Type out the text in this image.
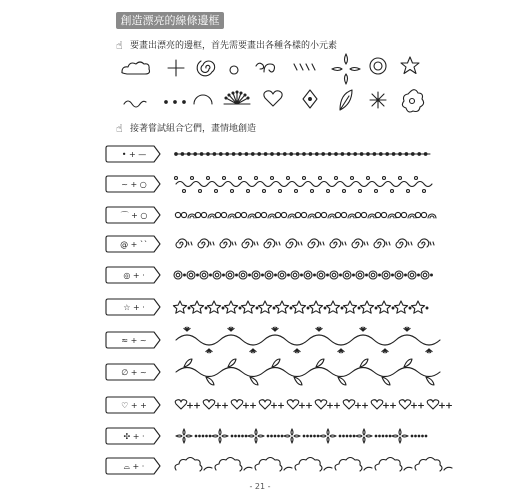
創造漂亮的線條邊框
☝ 要畫出漂亮的邊框，首先需要畫出各種各樣的小元素
☝ 接著嘗試組合它們，畫情地創造
• + —
~ + ○
⌒ + ○
@ + ``
◎ + ·
☆ + ·
≈ + ~
∅ + ~
♡ + +
✣ + ·
⌓ + ·
- 21 -
